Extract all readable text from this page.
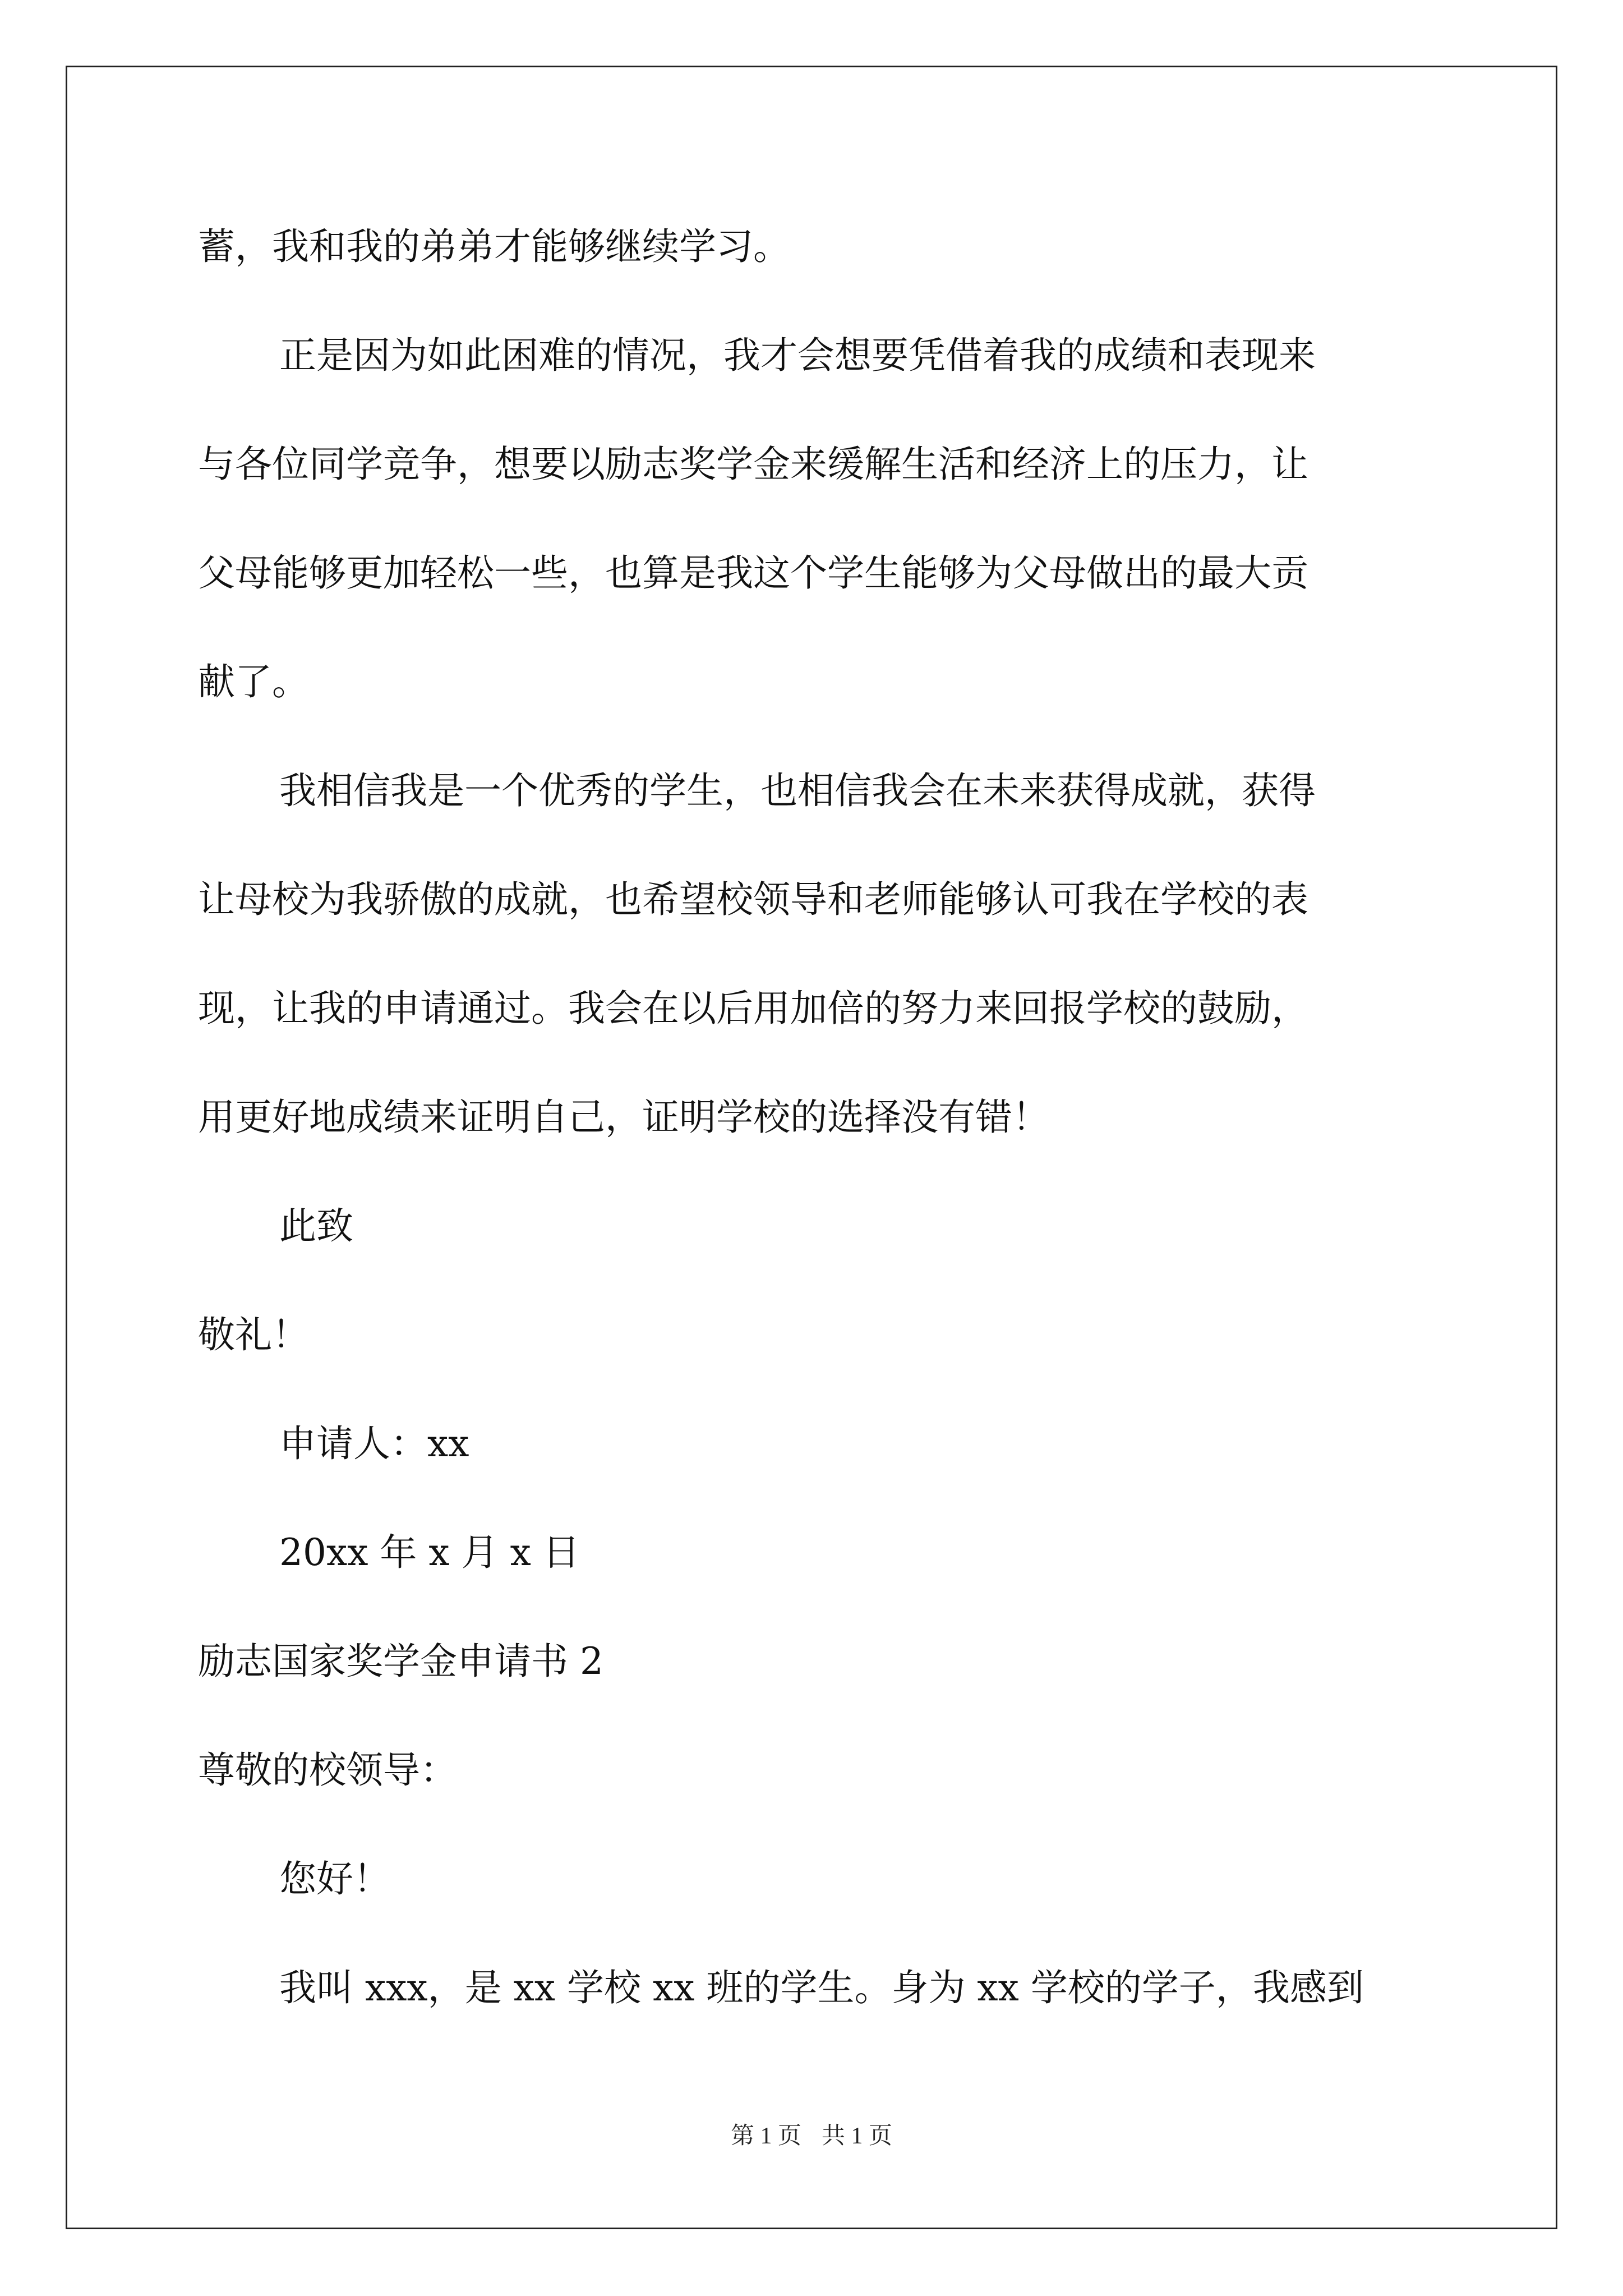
蓄，我和我的弟弟才能够继续学习。
正是因为如此困难的情况，我才会想要凭借着我的成绩和表现来
与各位同学竞争，想要以励志奖学金来缓解生活和经济上的压力，让
父母能够更加轻松一些，也算是我这个学生能够为父母做出的最大贡
献了。
我相信我是一个优秀的学生，也相信我会在未来获得成就，获得
让母校为我骄傲的成就，也希望校领导和老师能够认可我在学校的表
现，让我的申请通过。我会在以后用加倍的努力来回报学校的鼓励，
用更好地成绩来证明自己，证明学校的选择没有错！
此致
敬礼！
申请人：xx
20xx 年 x 月 x 日
励志国家奖学金申请书 2
尊敬的校领导：
您好！
我叫 xxx，是 xx 学校 xx 班的学生。身为 xx 学校的学子，我感到
第 1 页 共 1 页
